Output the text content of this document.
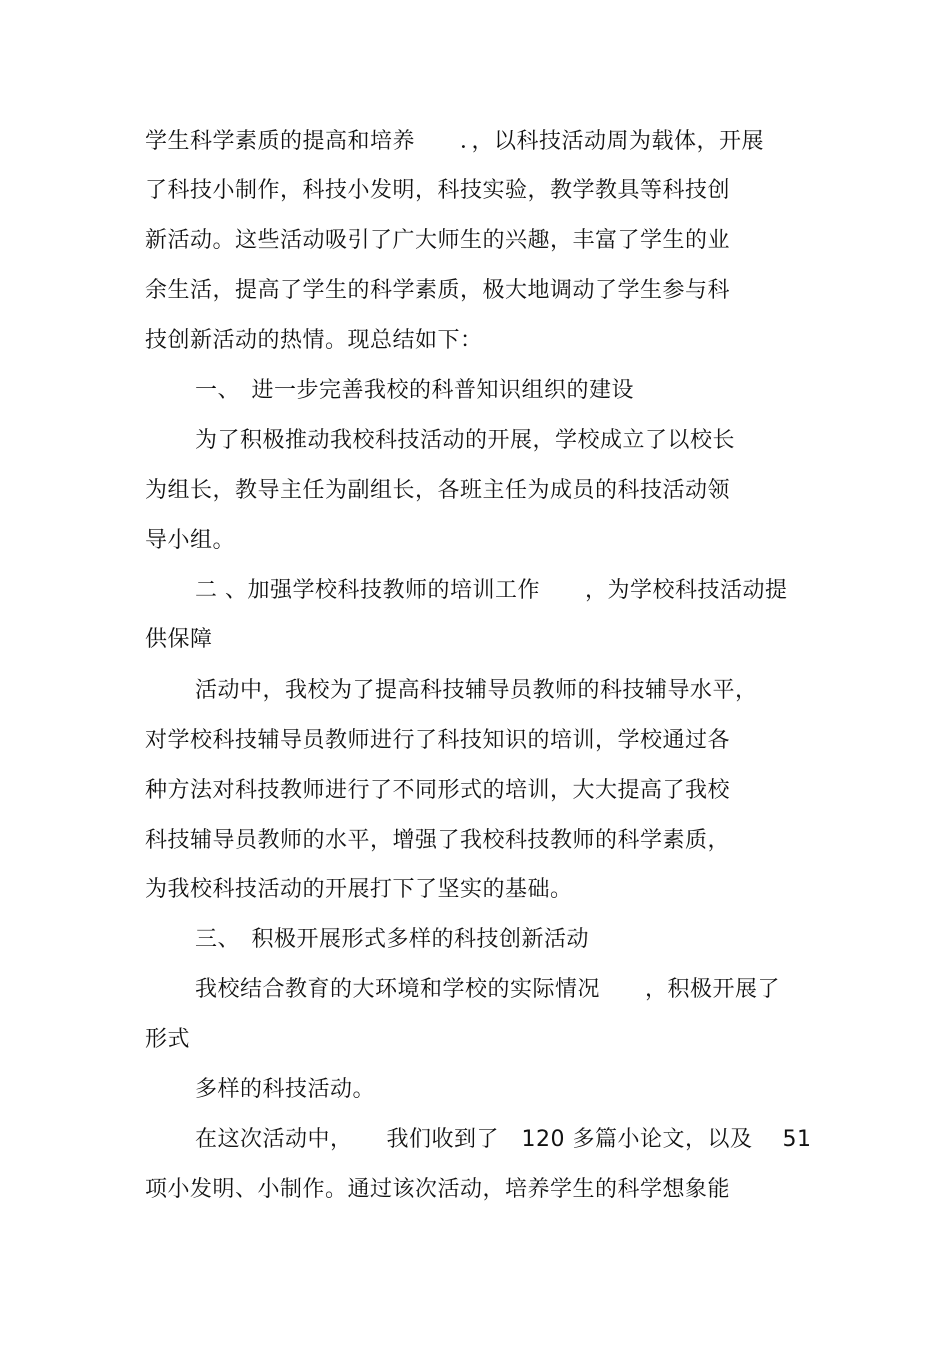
学生科学素质的提高和培养　　．，以科技活动周为载体，开展
了科技小制作，科技小发明，科技实验，教学教具等科技创
新活动。这些活动吸引了广大师生的兴趣，丰富了学生的业
余生活，提高了学生的科学素质，极大地调动了学生参与科
技创新活动的热情。现总结如下：
一、　进一步完善我校的科普知识组织的建设
为了积极推动我校科技活动的开展，学校成立了以校长
为组长，教导主任为副组长，各班主任为成员的科技活动领
导小组。
二 、加强学校科技教师的培训工作　　，为学校科技活动提
供保障
活动中，我校为了提高科技辅导员教师的科技辅导水平，
对学校科技辅导员教师进行了科技知识的培训，学校通过各
种方法对科技教师进行了不同形式的培训，大大提高了我校
科技辅导员教师的水平，增强了我校科技教师的科学素质，
为我校科技活动的开展打下了坚实的基础。
三、　积极开展形式多样的科技创新活动
我校结合教育的大环境和学校的实际情况　　，积极开展了
形式
多样的科技活动。
在这次活动中，　　我们收到了　120 多篇小论文，以及　 51
项小发明、小制作。通过该次活动，培养学生的科学想象能
